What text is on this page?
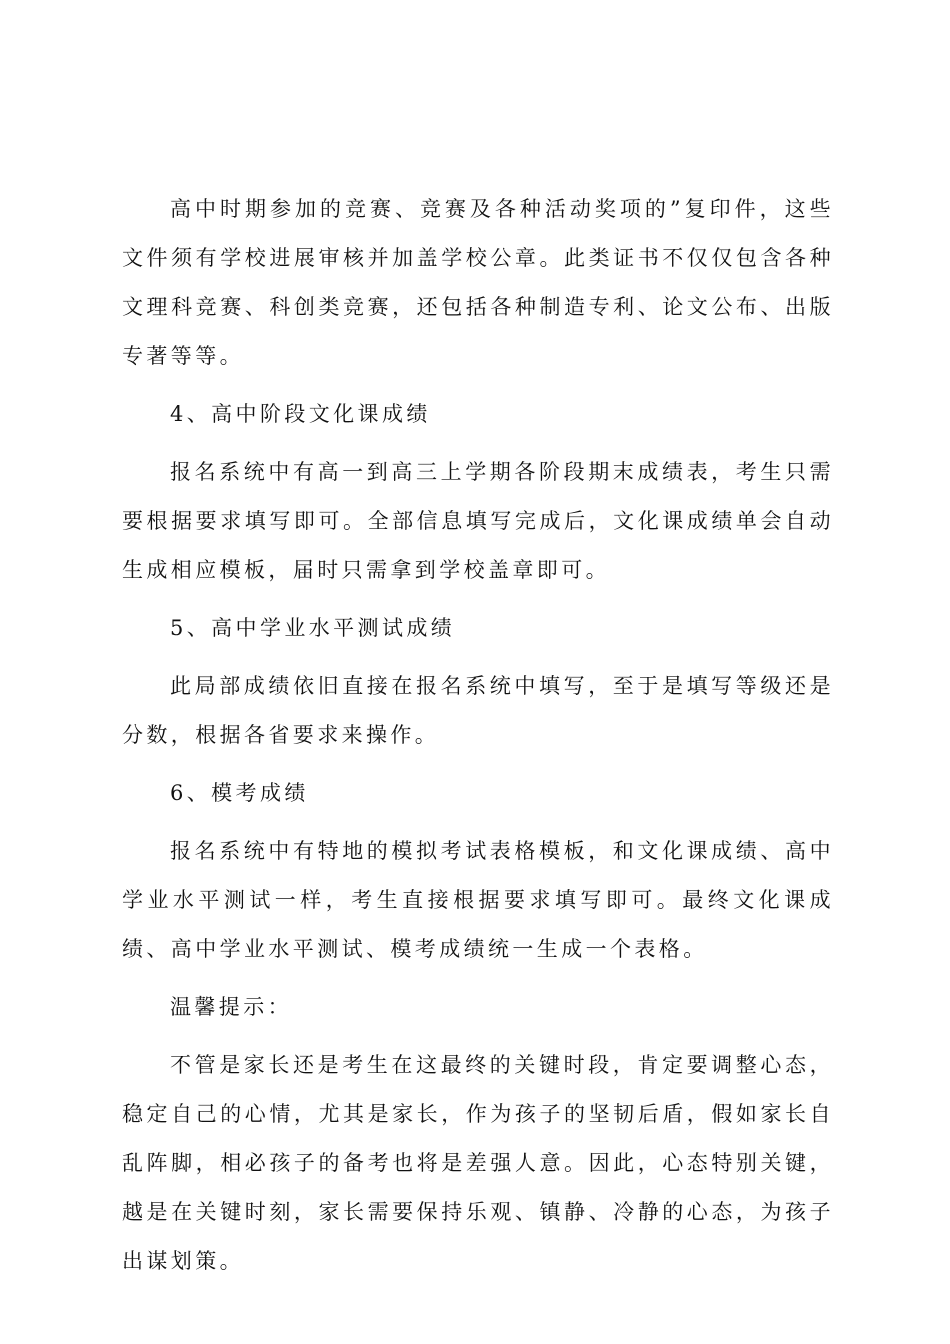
高中时期参加的竞赛、竞赛及各种活动奖项的”复印件，这些文件须有学校进展审核并加盖学校公章。此类证书不仅仅包含各种文理科竞赛、科创类竞赛，还包括各种制造专利、论文公布、出版专著等等。

4、高中阶段文化课成绩

报名系统中有高一到高三上学期各阶段期末成绩表，考生只需要根据要求填写即可。全部信息填写完成后，文化课成绩单会自动生成相应模板，届时只需拿到学校盖章即可。

5、高中学业水平测试成绩

此局部成绩依旧直接在报名系统中填写，至于是填写等级还是分数，根据各省要求来操作。

6、模考成绩

报名系统中有特地的模拟考试表格模板，和文化课成绩、高中学业水平测试一样，考生直接根据要求填写即可。最终文化课成绩、高中学业水平测试、模考成绩统一生成一个表格。

温馨提示：

不管是家长还是考生在这最终的关键时段，肯定要调整心态，稳定自己的心情，尤其是家长，作为孩子的坚韧后盾，假如家长自乱阵脚，相必孩子的备考也将是差强人意。因此，心态特别关键，越是在关键时刻，家长需要保持乐观、镇静、冷静的心态，为孩子出谋划策。
